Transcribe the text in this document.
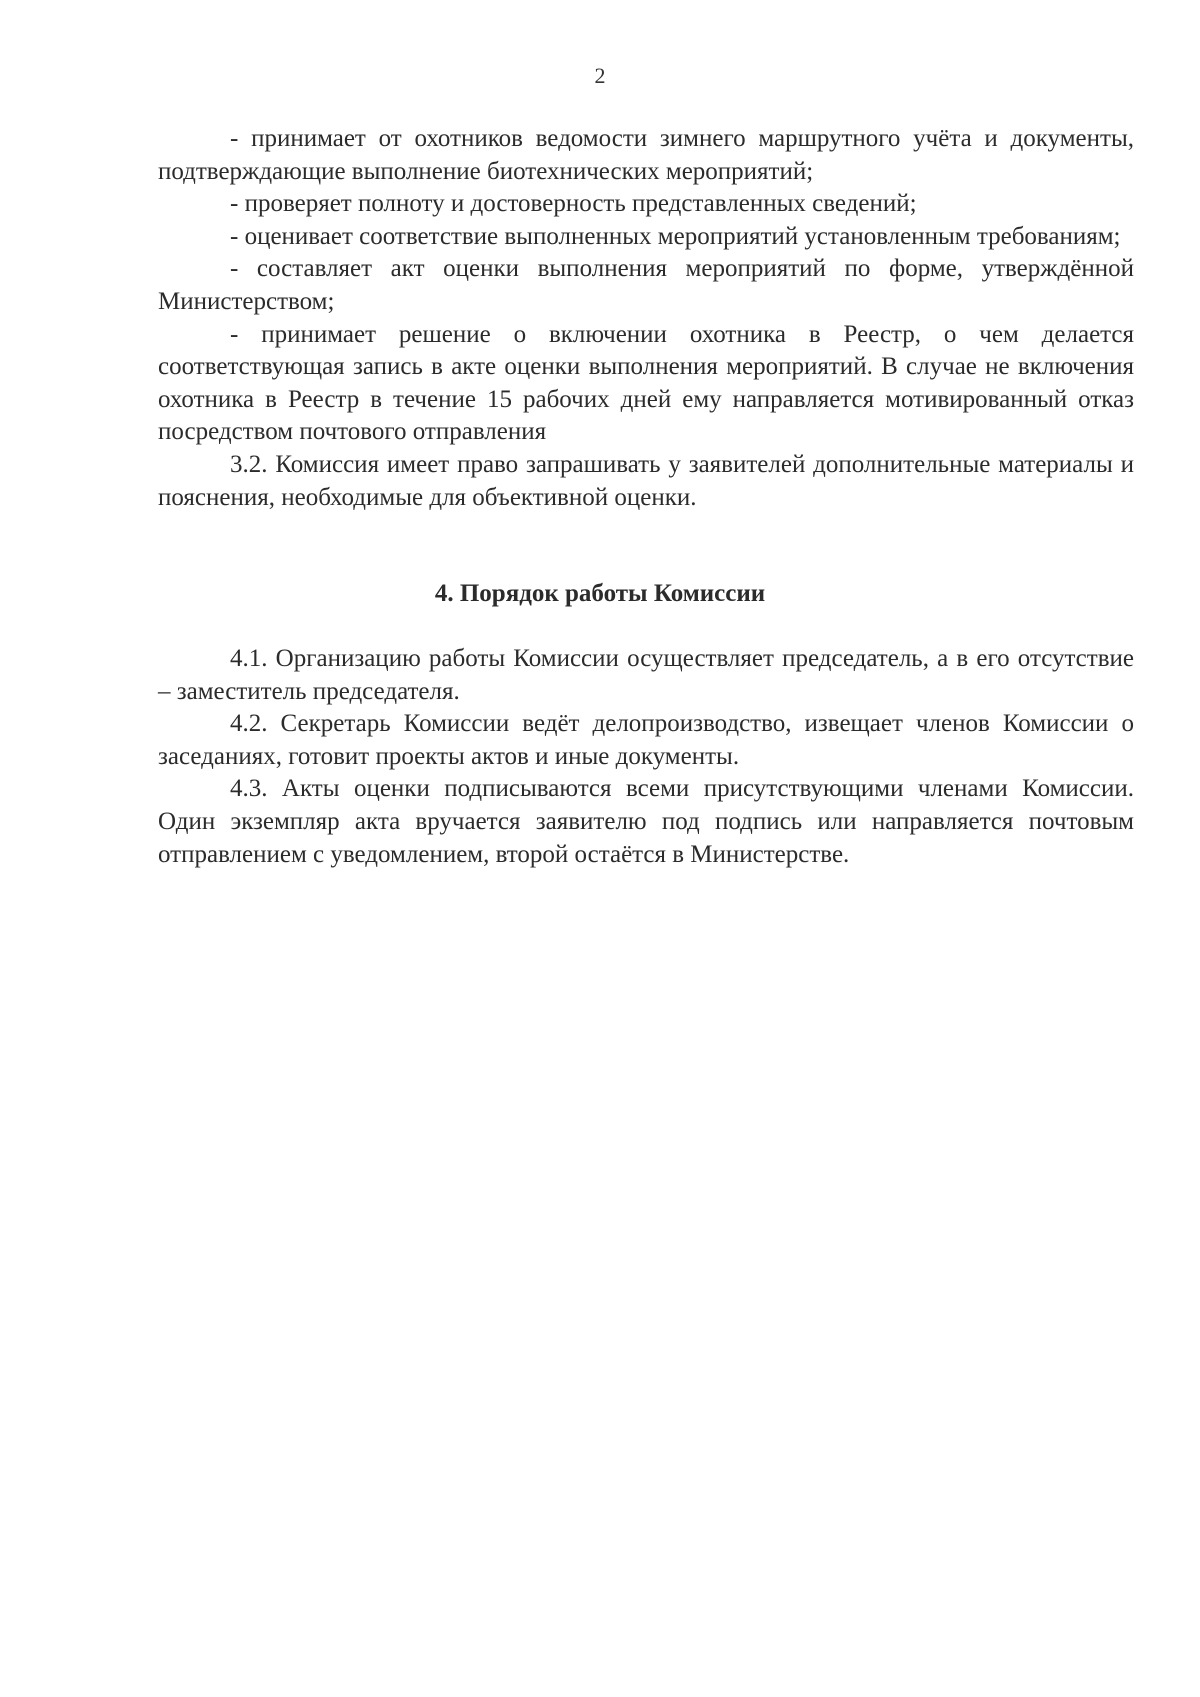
2

- принимает от охотников ведомости зимнего маршрутного учёта и документы, подтверждающие выполнение биотехнических мероприятий;

- проверяет полноту и достоверность представленных сведений;

- оценивает соответствие выполненных мероприятий установленным требованиям;

- составляет акт оценки выполнения мероприятий по форме, утверждённой Министерством;

- принимает решение о включении охотника в Реестр, о чем делается соответствующая запись в акте оценки выполнения мероприятий. В случае не включения охотника в Реестр в течение 15 рабочих дней ему направляется мотивированный отказ посредством почтового отправления

3.2. Комиссия имеет право запрашивать у заявителей дополнительные материалы и пояснения, необходимые для объективной оценки.

4. Порядок работы Комиссии

4.1. Организацию работы Комиссии осуществляет председатель, а в его отсутствие – заместитель председателя.

4.2. Секретарь Комиссии ведёт делопроизводство, извещает членов Комиссии о заседаниях, готовит проекты актов и иные документы.

4.3. Акты оценки подписываются всеми присутствующими членами Комиссии. Один экземпляр акта вручается заявителю под подпись или направляется почтовым отправлением с уведомлением, второй остаётся в Министерстве.
